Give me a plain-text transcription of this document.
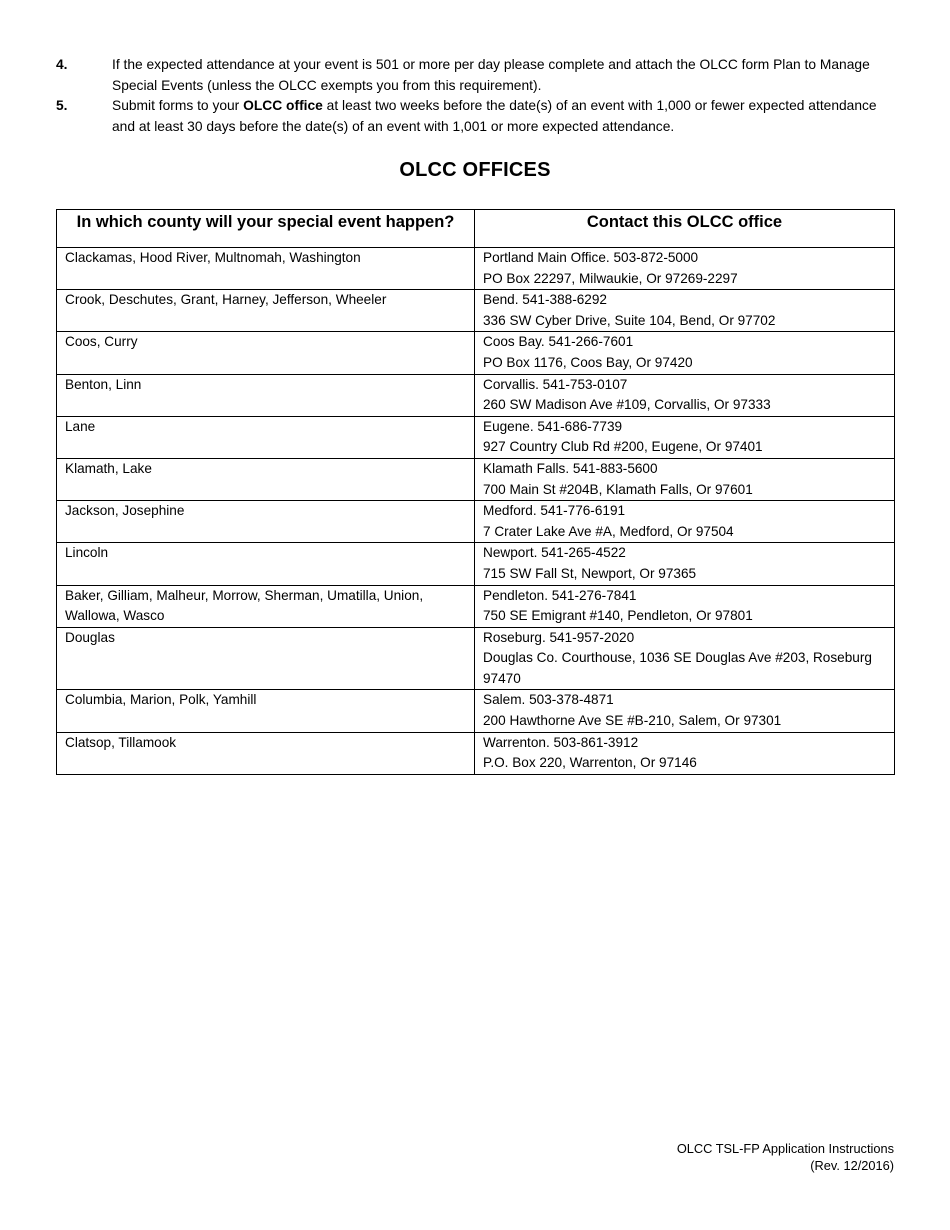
4.	If the expected attendance at your event is 501 or more per day please complete and attach the OLCC form Plan to Manage Special Events (unless the OLCC exempts you from this requirement).
5.	Submit forms to your OLCC office at least two weeks before the date(s) of an event with 1,000 or fewer expected attendance and at least 30 days before the date(s) of an event with 1,001 or more expected attendance.
OLCC OFFICES
In which county will your special event happen?	Contact this OLCC office

Clackamas, Hood River, Multnomah, Washington	Portland Main Office. 503-872-5000
PO Box 22297, Milwaukie, Or 97269-2297

Crook, Deschutes, Grant, Harney, Jefferson, Wheeler	Bend. 541-388-6292
336 SW Cyber Drive, Suite 104, Bend, Or 97702

Coos, Curry	Coos Bay. 541-266-7601
PO Box 1176, Coos Bay, Or 97420

Benton, Linn	Corvallis. 541-753-0107
260 SW Madison Ave #109, Corvallis, Or 97333

Lane	Eugene. 541-686-7739
927 Country Club Rd #200, Eugene, Or 97401

Klamath, Lake	Klamath Falls. 541-883-5600
700 Main St #204B, Klamath Falls, Or 97601

Jackson, Josephine	Medford. 541-776-6191
7 Crater Lake Ave #A, Medford, Or 97504

Lincoln	Newport. 541-265-4522
715 SW Fall St, Newport, Or 97365

Baker, Gilliam, Malheur, Morrow, Sherman, Umatilla, Union, Wallowa, Wasco	Pendleton. 541-276-7841
750 SE Emigrant #140, Pendleton, Or 97801

Douglas	Roseburg. 541-957-2020
Douglas Co. Courthouse, 1036 SE Douglas Ave #203, Roseburg 97470

Columbia, Marion, Polk, Yamhill	Salem. 503-378-4871
200 Hawthorne Ave SE #B-210, Salem, Or 97301

Clatsop, Tillamook	Warrenton. 503-861-3912
P.O. Box 220, Warrenton, Or 97146
OLCC TSL-FP Application Instructions
(Rev. 12/2016)
